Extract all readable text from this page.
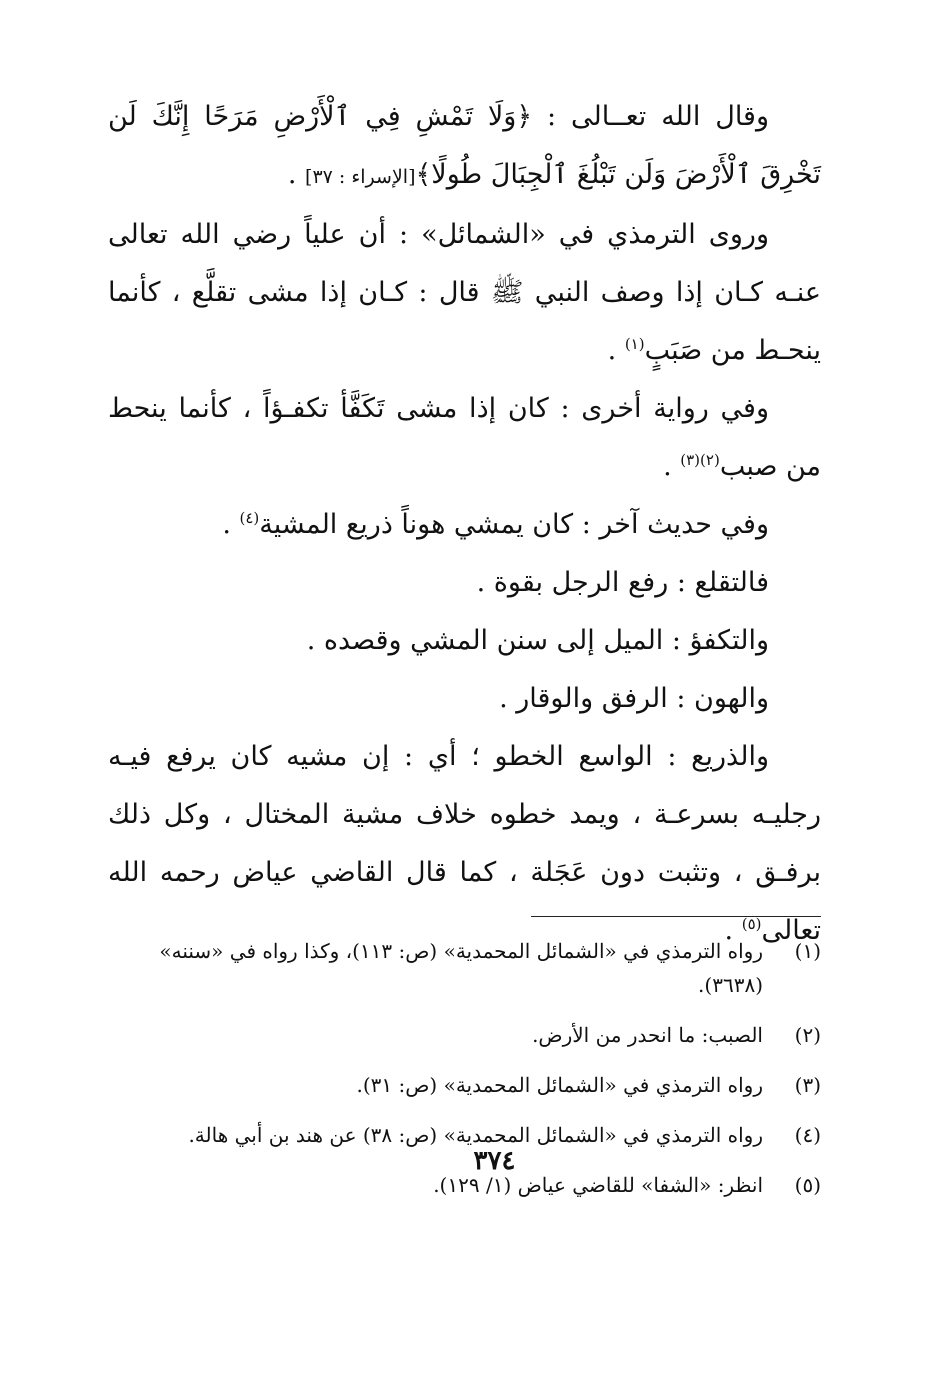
وقال الله تعــالى : ﴿وَلَا تَمْشِ فِي ٱلْأَرْضِ مَرَحًا إِنَّكَ لَن تَخْرِقَ ٱلْأَرْضَ وَلَن تَبْلُغَ ٱلْجِبَالَ طُولًا﴾[الإسراء : ٣٧] .

وروى الترمذي في «الشمائل» : أن علياً رضي الله تعالى عنـه كـان إذا وصف النبي ﷺ قال : كـان إذا مشى تقلَّع ، كأنما ينحـط من صَبَبٍ$^{(١)}$ .

وفي رواية أخرى : كان إذا مشى تَكَفَّأ تكفـؤاً ، كأنما ينحط من صبب$^{(٢)(٣)}$ .

وفي حديث آخر : كان يمشي هوناً ذريع المشية$^{(٤)}$ .

فالتقلع : رفع الرجل بقوة .

والتكفؤ : الميل إلى سنن المشي وقصده .

والهون : الرفق والوقار .

والذريع : الواسع الخطو ؛ أي : إن مشيه كان يرفع فيـه رجليـه بسرعـة ، ويمد خطوه خلاف مشية المختال ، وكل ذلك برفـق ، وتثبت دون عَجَلة ، كما قال القاضي عياض رحمه الله تعالى$^{(٥)}$ .

(١)
رواه الترمذي في «الشمائل المحمدية» (ص: ١١٣)، وكذا رواه في «سننه» (٣٦٣٨).
(٢)
الصبب: ما انحدر من الأرض.
(٣)
رواه الترمذي في «الشمائل المحمدية» (ص: ٣١).
(٤)
رواه الترمذي في «الشمائل المحمدية» (ص: ٣٨) عن هند بن أبي هالة.
(٥)
انظر: «الشفا» للقاضي عياض (١/ ١٢٩).
٣٧٤
